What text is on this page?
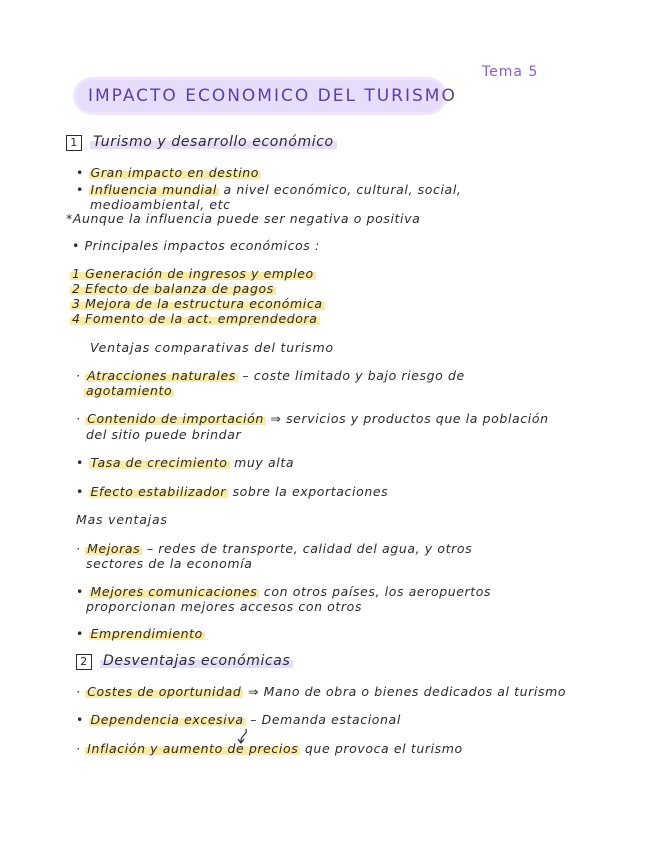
Tema 5
IMPACTO ECONOMICO DEL TURISMO
1 Turismo y desarrollo económico
• Gran impacto en destino
• Influencia mundial a nivel económico, cultural, social,
medioambiental, etc
*Aunque la influencia puede ser negativa o positiva
• Principales impactos económicos :
1 Generación de ingresos y empleo
2 Efecto de balanza de pagos
3 Mejora de la estructura económica
4 Fomento de la act. emprendedora
Ventajas comparativas del turismo
· Atracciones naturales – coste limitado y bajo riesgo de
agotamiento
· Contenido de importación ⇒ servicios y productos que la población
del sitio puede brindar
• Tasa de crecimiento muy alta
• Efecto estabilizador sobre la exportaciones
Mas ventajas
· Mejoras – redes de transporte, calidad del agua, y otros
sectores de la economía
• Mejores comunicaciones con otros países, los aeropuertos
proporcionan mejores accesos con otros
• Emprendimiento
2 Desventajas económicas
· Costes de oportunidad ⇒ Mano de obra o bienes dedicados al turismo
• Dependencia excesiva – Demanda estacional
· Inflación y aumento de precios que provoca el turismo
